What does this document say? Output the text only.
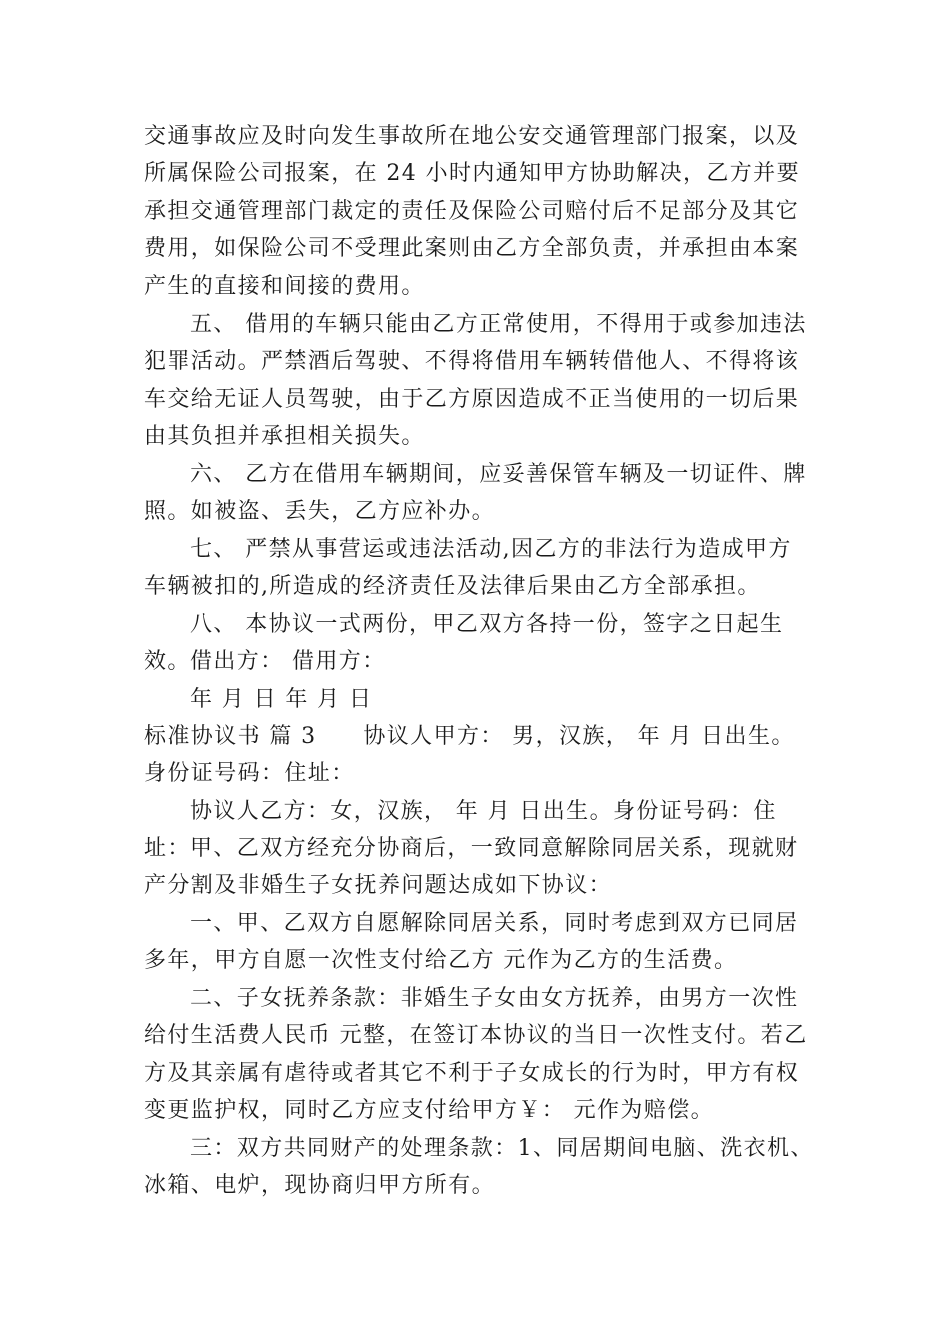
交通事故应及时向发生事故所在地公安交通管理部门报案，以及所属保险公司报案，在 24 小时内通知甲方协助解决，乙方并要承担交通管理部门裁定的责任及保险公司赔付后不足部分及其它费用，如保险公司不受理此案则由乙方全部负责，并承担由本案产生的直接和间接的费用。

五、 借用的车辆只能由乙方正常使用，不得用于或参加违法犯罪活动。严禁酒后驾驶、不得将借用车辆转借他人、不得将该车交给无证人员驾驶，由于乙方原因造成不正当使用的一切后果由其负担并承担相关损失。

六、 乙方在借用车辆期间，应妥善保管车辆及一切证件、牌照。如被盗、丢失，乙方应补办。

七、 严禁从事营运或违法活动,因乙方的非法行为造成甲方车辆被扣的,所造成的经济责任及法律后果由乙方全部承担。

八、 本协议一式两份，甲乙双方各持一份，签字之日起生效。 借出方： 借用方：

年 月 日 年 月 日

标准协议书 篇 3　　协议人甲方： 男，汉族， 年 月 日出生。身份证号码：住址：

协议人乙方：女，汉族， 年 月 日出生。身份证号码：住址： 甲、乙双方经充分协商后，一致同意解除同居关系，现就财产分割及非婚生子女抚养问题达成如下协议：

一、甲、乙双方自愿解除同居关系，同时考虑到双方已同居多年，甲方自愿一次性支付给乙方 元作为乙方的生活费。

二、子女抚养条款：非婚生子女由女方抚养，由男方一次性给付生活费人民币 元整，在签订本协议的当日一次性支付。若乙方及其亲属有虐待或者其它不利于子女成长的行为时，甲方有权变更监护权，同时乙方应支付给甲方￥： 元作为赔偿。

三：双方共同财产的处理条款：1、同居期间电脑、洗衣机、冰箱、电炉，现协商归甲方所有。
